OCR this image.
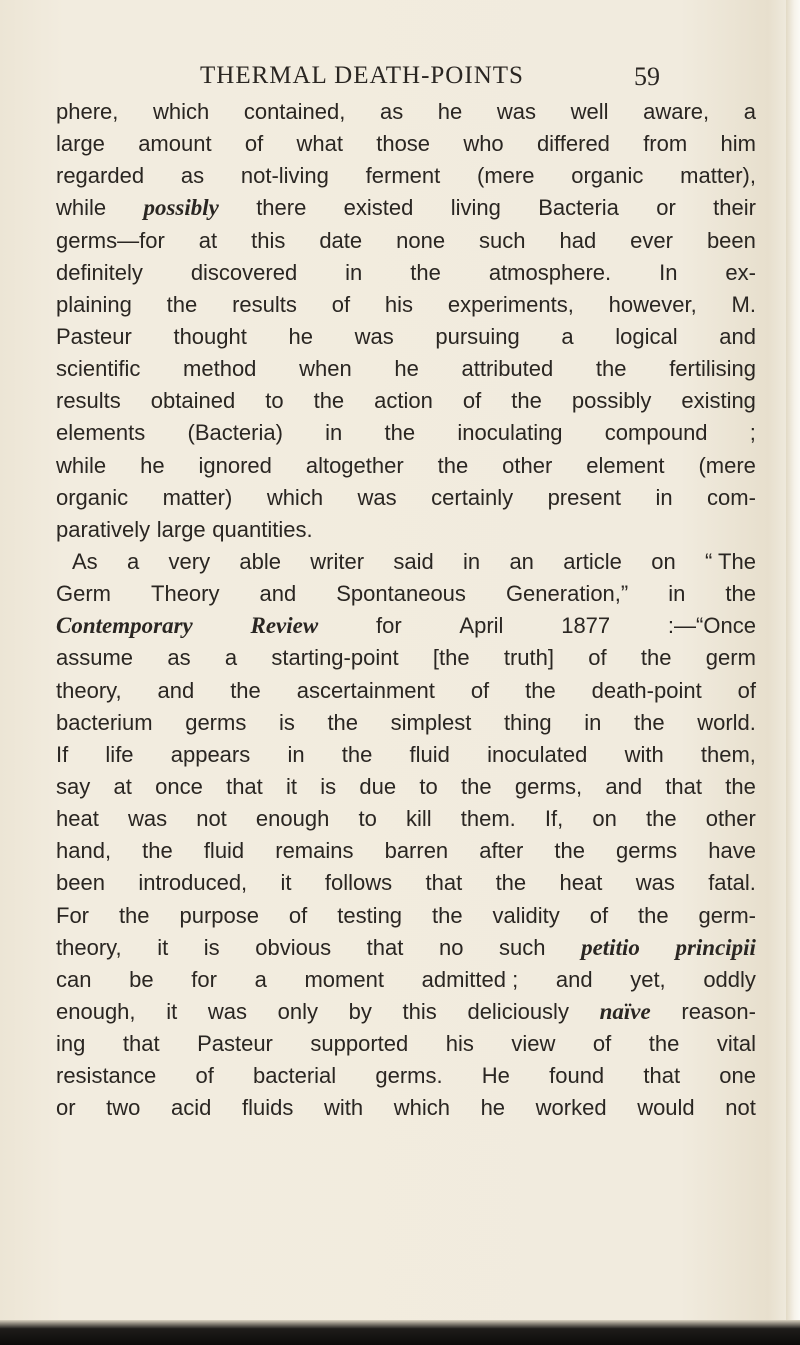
THERMAL DEATH-POINTS	59
phere, which contained, as he was well aware, a
large amount of what those who differed from him
regarded as not-living ferment (mere organic matter),
while possibly there existed living Bacteria or their
germs—for at this date none such had ever been
definitely discovered in the atmosphere. In ex-
plaining the results of his experiments, however, M.
Pasteur thought he was pursuing a logical and
scientific method when he attributed the fertilising
results obtained to the action of the possibly existing
elements (Bacteria) in the inoculating compound ;
while he ignored altogether the other element (mere
organic matter) which was certainly present in com-
paratively large quantities.
As a very able writer said in an article on “ The
Germ Theory and Spontaneous Generation,” in the
Contemporary	Review	for	April	1877	:—“Once
assume as a starting-point [the truth] of the germ
theory, and the ascertainment of the death-point of
bacterium germs is the simplest thing in the world.
If life appears in the fluid inoculated with them,
say at once that it is due to the germs, and that the
heat was not enough to kill them. If, on the other
hand, the fluid remains barren after the germs have
been introduced, it follows that the heat was fatal.
For the purpose of testing the validity of the germ-
theory, it is obvious that no such petitio principii
can be for a moment admitted ; and yet, oddly
enough, it was only by this deliciously naïve reason-
ing that Pasteur supported his view of the vital
resistance of bacterial germs. He found that one
or two acid fluids with which he worked would not
